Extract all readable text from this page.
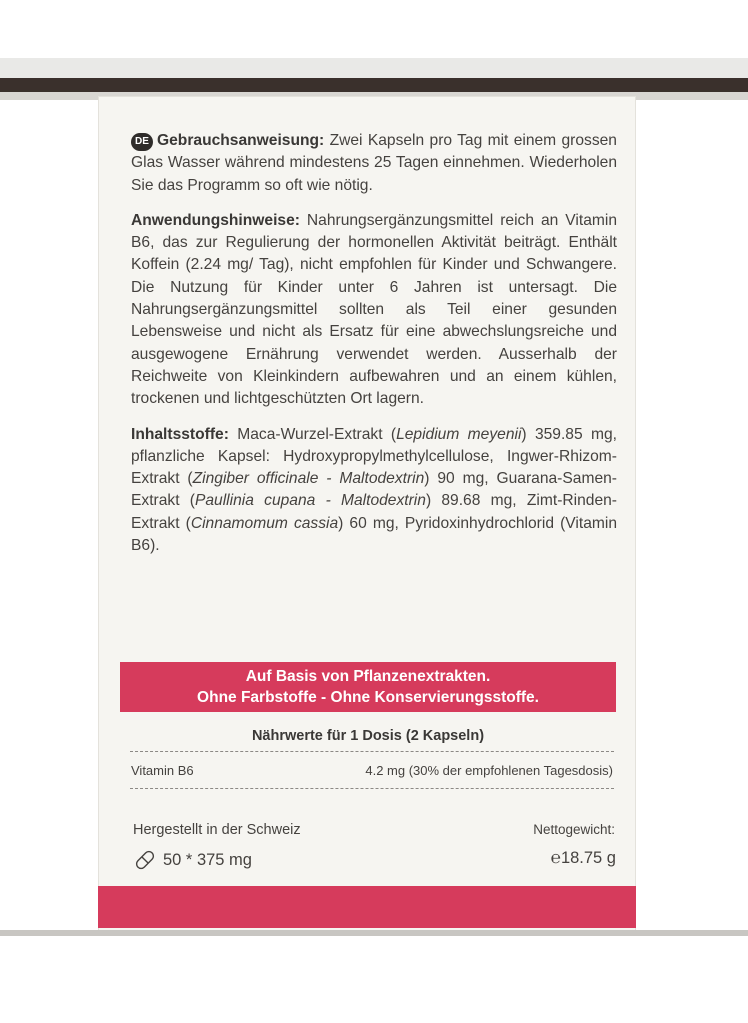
DE Gebrauchsanweisung: Zwei Kapseln pro Tag mit einem grossen Glas Wasser während mindestens 25 Tagen einnehmen. Wiederholen Sie das Programm so oft wie nötig.

Anwendungshinweise: Nahrungsergänzungsmittel reich an Vitamin B6, das zur Regulierung der hormonellen Aktivität beiträgt. Enthält Koffein (2.24 mg/ Tag), nicht empfohlen für Kinder und Schwangere. Die Nutzung für Kinder unter 6 Jahren ist untersagt. Die Nahrungsergänzungsmittel sollten als Teil einer gesunden Lebensweise und nicht als Ersatz für eine abwechslungsreiche und ausgewogene Ernährung verwendet werden. Ausserhalb der Reichweite von Kleinkindern aufbewahren und an einem kühlen, trockenen und lichtgeschützten Ort lagern.

Inhaltsstoffe: Maca-Wurzel-Extrakt (Lepidium meyenii) 359.85 mg, pflanzliche Kapsel: Hydroxypropylmethylcellulose, Ingwer-Rhizom-Extrakt (Zingiber officinale - Maltodextrin) 90 mg, Guarana-Samen-Extrakt (Paullinia cupana - Maltodextrin) 89.68 mg, Zimt-Rinden-Extrakt (Cinnamomum cassia) 60 mg, Pyridoxinhydrochlorid (Vitamin B6).

Auf Basis von Pflanzenextrakten.
Ohne Farbstoffe - Ohne Konservierungsstoffe.
Nährwerte für 1 Dosis (2 Kapseln)
Vitamin B6	4.2 mg (30% der empfohlenen Tagesdosis)
Hergestellt in der Schweiz	Nettogewicht:
50 * 375 mg	℮18.75 g
